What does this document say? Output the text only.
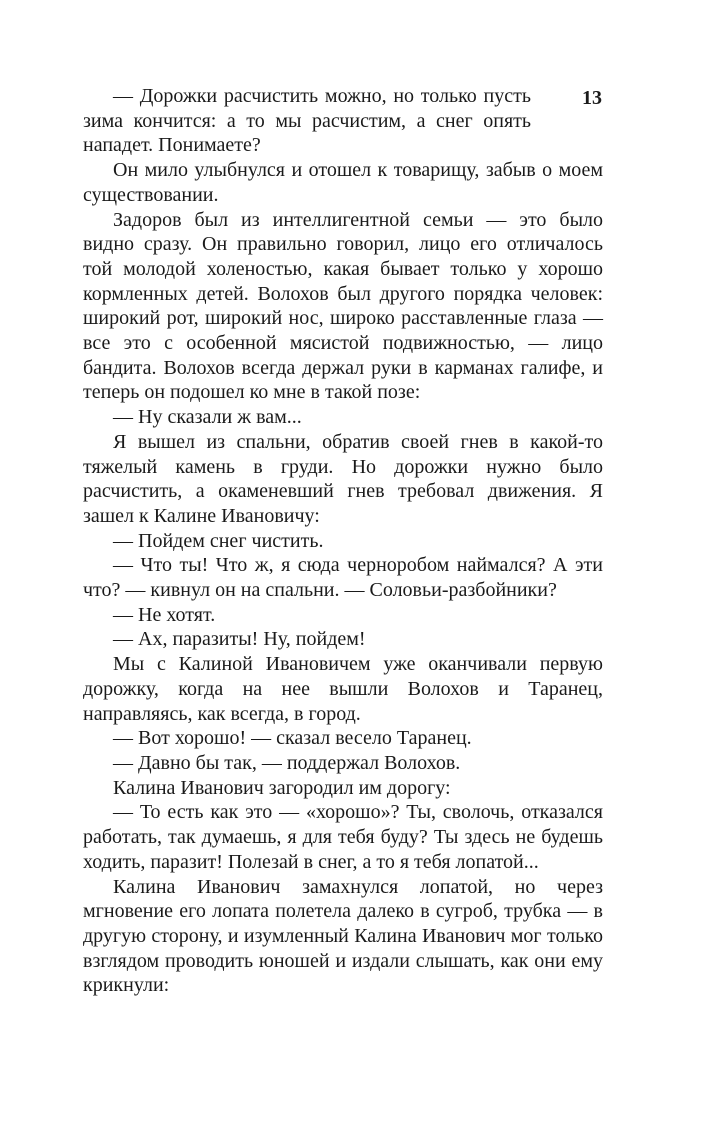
13

— Дорожки расчистить можно, но только пусть зима кончится: а то мы расчистим, а снег опять нападет. Понимаете?

Он мило улыбнулся и отошел к товарищу, забыв о моем существовании.

Задоров был из интеллигентной семьи — это было видно сразу. Он правильно говорил, лицо его отличалось той молодой холеностью, какая бывает только у хорошо кормленных детей. Волохов был другого порядка человек: широкий рот, широкий нос, широко расставленные глаза — все это с особенной мясистой подвижностью, — лицо бандита. Волохов всегда держал руки в карманах галифе, и теперь он подошел ко мне в такой позе:

— Ну сказали ж вам...

Я вышел из спальни, обратив своей гнев в какой-то тяжелый камень в груди. Но дорожки нужно было расчистить, а окаменевший гнев требовал движения. Я зашел к Калине Ивановичу:

— Пойдем снег чистить.

— Что ты! Что ж, я сюда черноробом наймался? А эти что? — кивнул он на спальни. — Соловьи-разбойники?

— Не хотят.

— Ах, паразиты! Ну, пойдем!

Мы с Калиной Ивановичем уже оканчивали первую дорожку, когда на нее вышли Волохов и Таранец, направляясь, как всегда, в город.

— Вот хорошо! — сказал весело Таранец.

— Давно бы так, — поддержал Волохов.

Калина Иванович загородил им дорогу:

— То есть как это — «хорошо»? Ты, сволочь, отказался работать, так думаешь, я для тебя буду? Ты здесь не будешь ходить, паразит! Полезай в снег, а то я тебя лопатой...

Калина Иванович замахнулся лопатой, но через мгновение его лопата полетела далеко в сугроб, трубка — в другую сторону, и изумленный Калина Иванович мог только взглядом проводить юношей и издали слышать, как они ему крикнули:
